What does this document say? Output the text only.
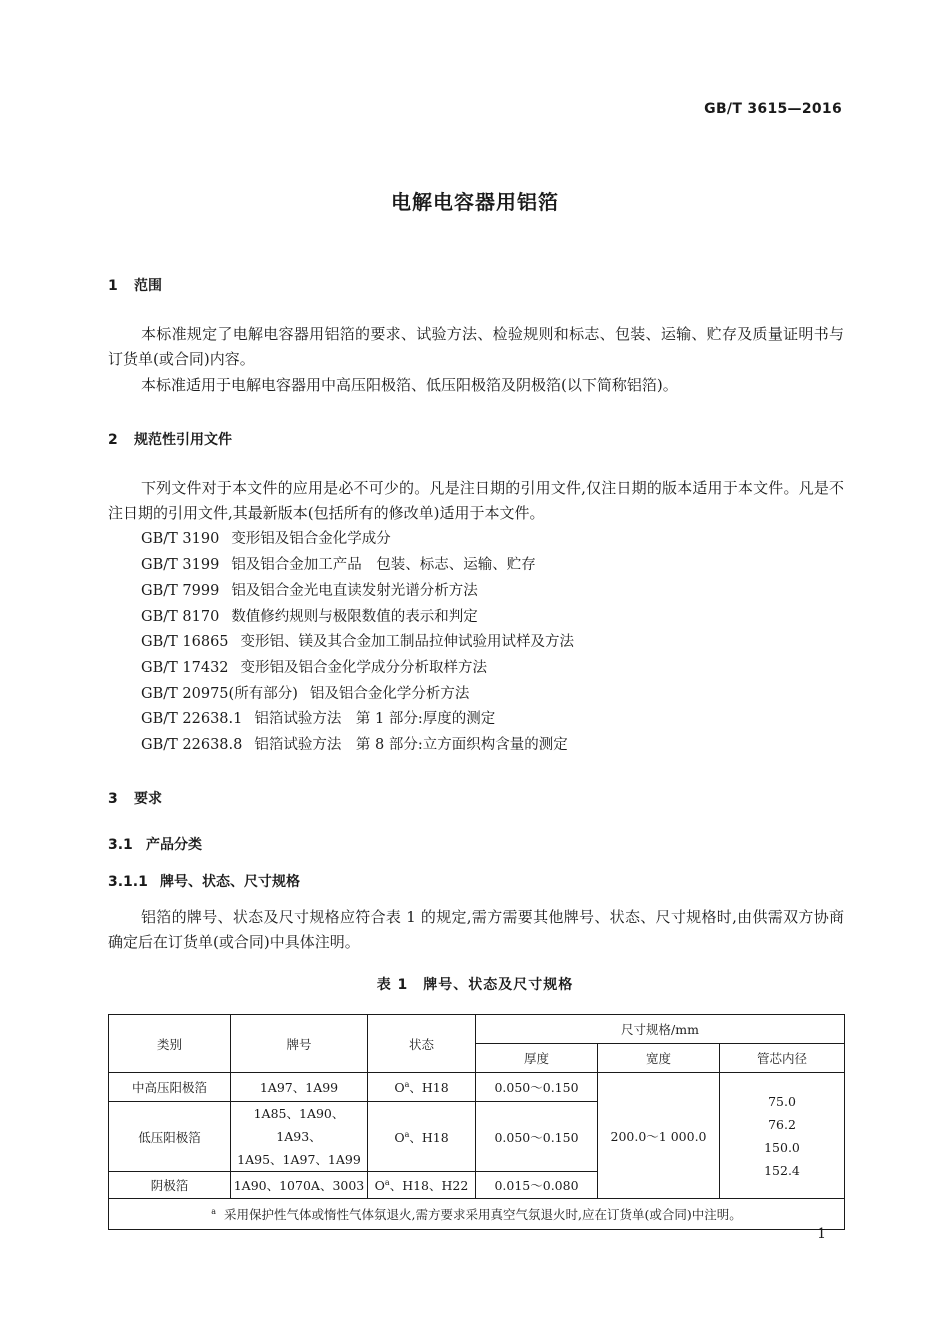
GB/T 3615—2016
电解电容器用铝箔
1 范围
本标准规定了电解电容器用铝箔的要求、试验方法、检验规则和标志、包装、运输、贮存及质量证明书与订货单(或合同)内容。
本标准适用于电解电容器用中高压阳极箔、低压阳极箔及阴极箔(以下简称铝箔)。
2 规范性引用文件
下列文件对于本文件的应用是必不可少的。凡是注日期的引用文件,仅注日期的版本适用于本文件。凡是不注日期的引用文件,其最新版本(包括所有的修改单)适用于本文件。
GB/T 3190 变形铝及铝合金化学成分
GB/T 3199 铝及铝合金加工产品　包装、标志、运输、贮存
GB/T 7999 铝及铝合金光电直读发射光谱分析方法
GB/T 8170 数值修约规则与极限数值的表示和判定
GB/T 16865 变形铝、镁及其合金加工制品拉伸试验用试样及方法
GB/T 17432 变形铝及铝合金化学成分分析取样方法
GB/T 20975(所有部分) 铝及铝合金化学分析方法
GB/T 22638.1 铝箔试验方法　第 1 部分:厚度的测定
GB/T 22638.8 铝箔试验方法　第 8 部分:立方面织构含量的测定
3 要求
3.1 产品分类
3.1.1 牌号、状态、尺寸规格
铝箔的牌号、状态及尺寸规格应符合表 1 的规定,需方需要其他牌号、状态、尺寸规格时,由供需双方协商确定后在订货单(或合同)中具体注明。
表 1　牌号、状态及尺寸规格
类别	牌号	状态	尺寸规格/mm		
			厚度	宽度	管芯内径
中高压阳极箔	1A97、1A99	$O^a$、H18	0.050～0.150	200.0～1 000.0	75.0
76.2
150.0
152.4

低压阳极箔	1A85、1A90、1A93、
1A95、1A97、1A99	$O^a$、H18	0.050～0.150		
阴极箔	1A90、1070A、3003	$O^a$、H18、H22	0.015～0.080		
$^a$ 采用保护性气体或惰性气体氛退火,需方要求采用真空气氛退火时,应在订货单(或合同)中注明。					
1
